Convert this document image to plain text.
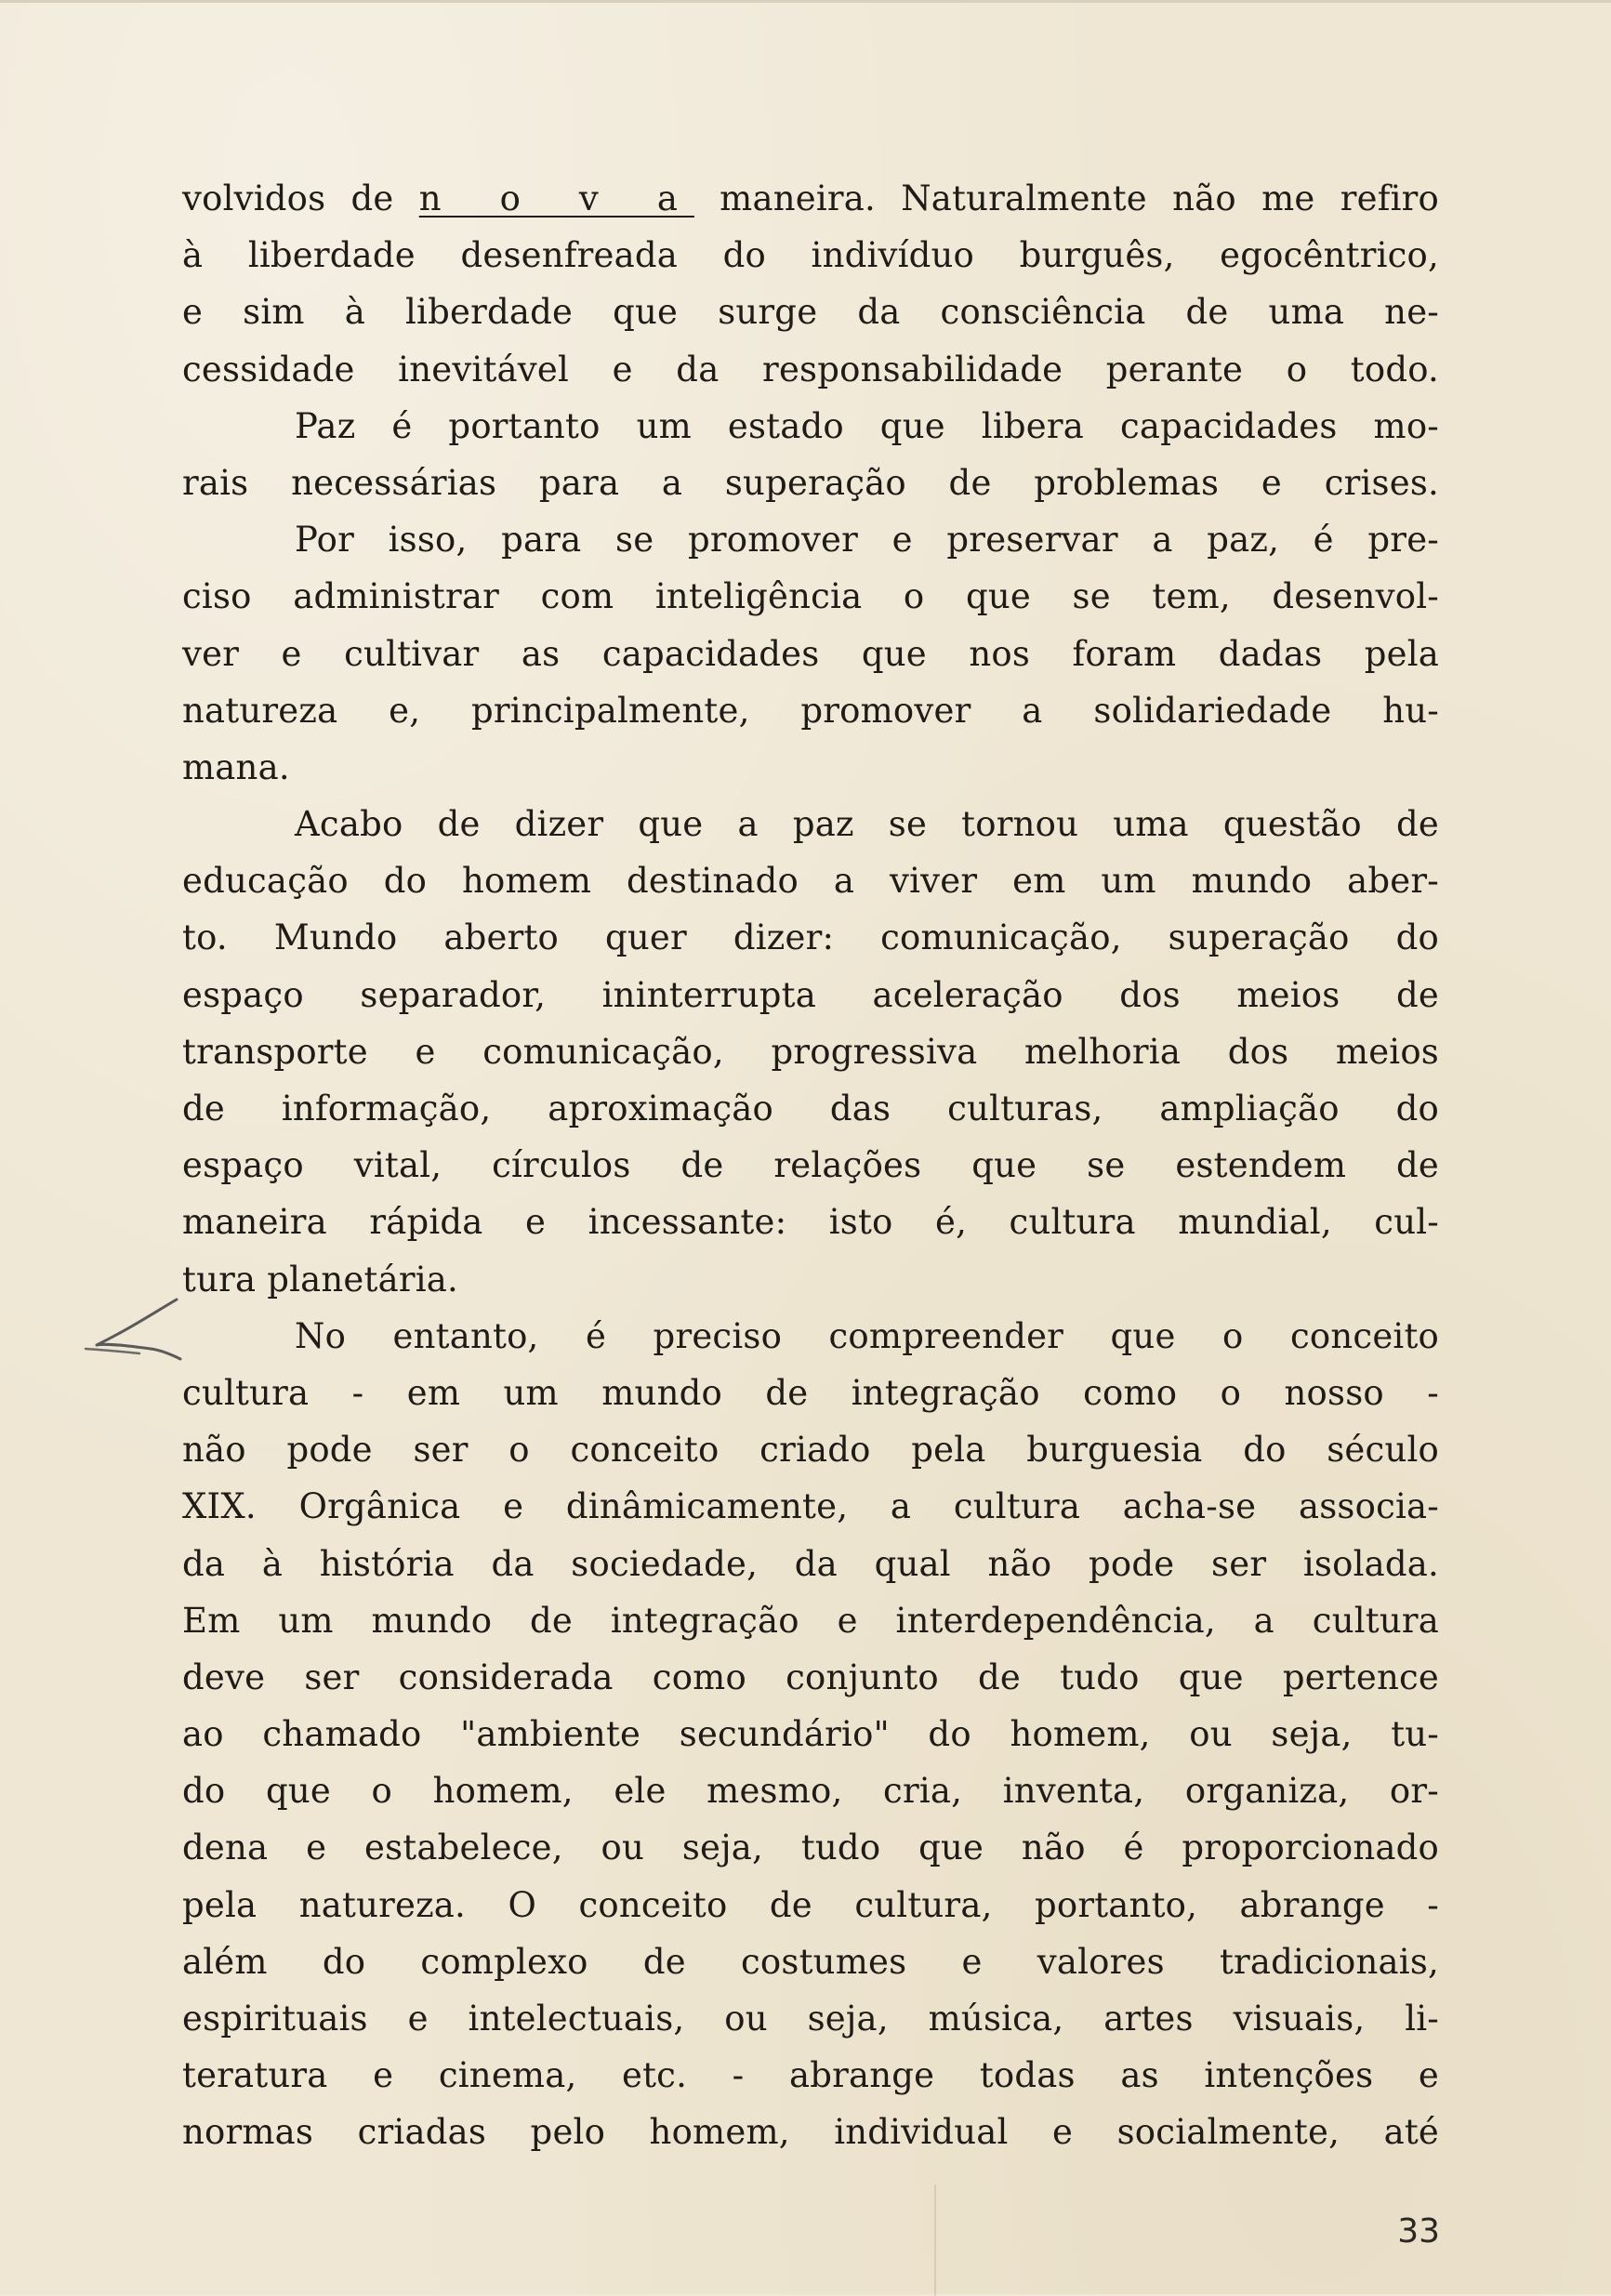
volvidos de n o v a maneira. Naturalmente não me refiro
à liberdade desenfreada do indivíduo burguês, egocêntrico,
e sim à liberdade que surge da consciência de uma ne-
cessidade inevitável e da responsabilidade perante o todo.
Paz é portanto um estado que libera capacidades mo-
rais necessárias para a superação de problemas e crises.
Por isso, para se promover e preservar a paz, é pre-
ciso administrar com inteligência o que se tem, desenvol-
ver e cultivar as capacidades que nos foram dadas pela
natureza e, principalmente, promover a solidariedade hu-
mana.
Acabo de dizer que a paz se tornou uma questão de
educação do homem destinado a viver em um mundo aber-
to. Mundo aberto quer dizer: comunicação, superação do
espaço separador, ininterrupta aceleração dos meios de
transporte e comunicação, progressiva melhoria dos meios
de informação, aproximação das culturas, ampliação do
espaço vital, círculos de relações que se estendem de
maneira rápida e incessante: isto é, cultura mundial, cul-
tura planetária.
No entanto, é preciso compreender que o conceito
cultura - em um mundo de integração como o nosso -
não pode ser o conceito criado pela burguesia do século
XIX. Orgânica e dinâmicamente, a cultura acha-se associa-
da à história da sociedade, da qual não pode ser isolada.
Em um mundo de integração e interdependência, a cultura
deve ser considerada como conjunto de tudo que pertence
ao chamado "ambiente secundário" do homem, ou seja, tu-
do que o homem, ele mesmo, cria, inventa, organiza, or-
dena e estabelece, ou seja, tudo que não é proporcionado
pela natureza. O conceito de cultura, portanto, abrange -
além do complexo de costumes e valores tradicionais,
espirituais e intelectuais, ou seja, música, artes visuais, li-
teratura e cinema, etc. - abrange todas as intenções e
normas criadas pelo homem, individual e socialmente, até
33
